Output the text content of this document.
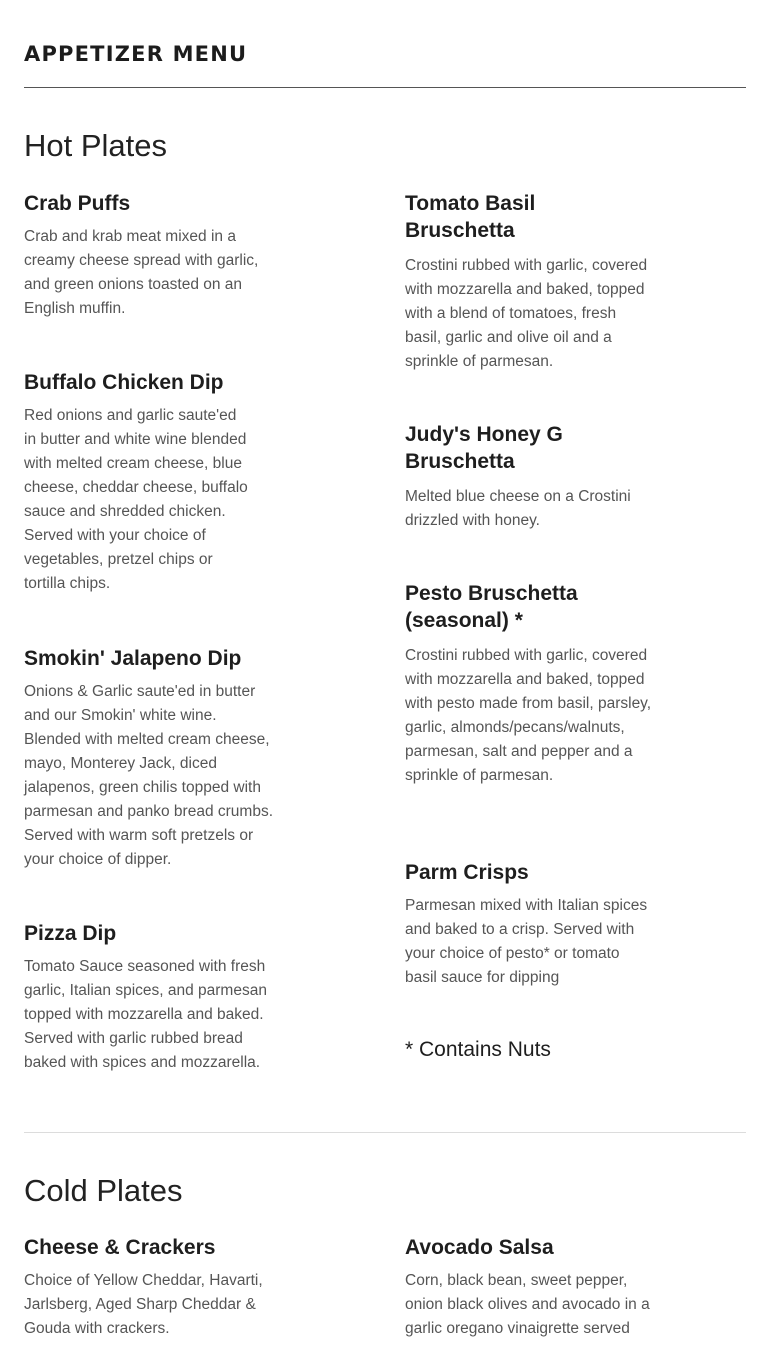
APPETIZER MENU
Hot Plates
Crab Puffs

Crab and krab meat mixed in a creamy cheese spread with garlic, and green onions toasted on an English muffin.

Buffalo Chicken Dip

Red onions and garlic saute'ed in butter and white wine blended with melted cream cheese, blue cheese, cheddar cheese, buffalo sauce and shredded chicken. Served with your choice of vegetables, pretzel chips or tortilla chips.

Smokin' Jalapeno Dip

Onions & Garlic saute'ed in butter and our Smokin' white wine. Blended with melted cream cheese, mayo, Monterey Jack, diced jalapenos, green chilis topped with parmesan and panko bread crumbs. Served with warm soft pretzels or your choice of dipper.

Pizza Dip

Tomato Sauce seasoned with fresh garlic, Italian spices, and parmesan topped with mozzarella and baked. Served with garlic rubbed bread baked with spices and mozzarella.

Tomato Basil Bruschetta

Crostini rubbed with garlic, covered with mozzarella and baked, topped with a blend of tomatoes, fresh basil, garlic and olive oil and a sprinkle of parmesan.

Judy's Honey G Bruschetta

Melted blue cheese on a Crostini drizzled with honey.

Pesto Bruschetta (seasonal) *

Crostini rubbed with garlic, covered with mozzarella and baked, topped with pesto made from basil, parsley, garlic, almonds/pecans/walnuts, parmesan, salt and pepper and a sprinkle of parmesan.

Parm Crisps

Parmesan mixed with Italian spices and baked to a crisp. Served with your choice of pesto* or tomato basil sauce for dipping

* Contains Nuts
Cold Plates
Cheese & Crackers

Choice of Yellow Cheddar, Havarti, Jarlsberg, Aged Sharp Cheddar & Gouda with crackers.

Avocado Salsa

Corn, black bean, sweet pepper, onion black olives and avocado in a garlic oregano vinaigrette served
